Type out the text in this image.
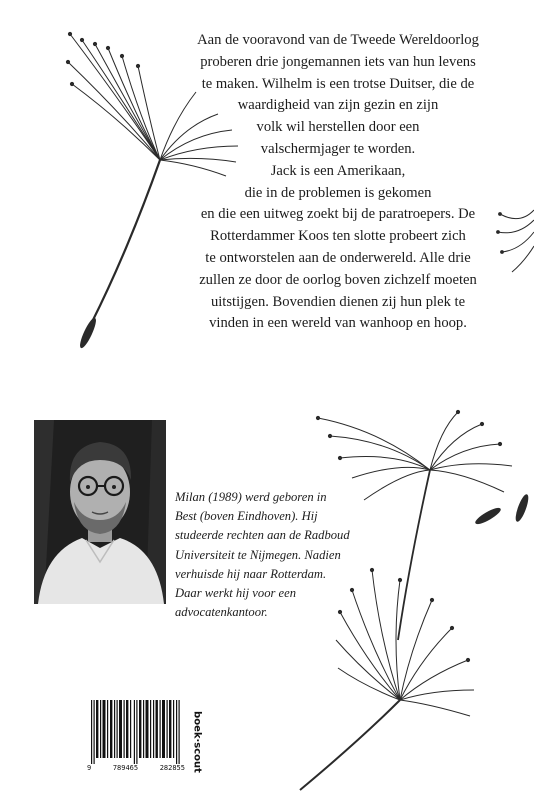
Aan de vooravond van de Tweede Wereldoorlog
proberen drie jongemannen iets van hun levens
te maken. Wilhelm is een trotse Duitser, die de
waardigheid van zijn gezin en zijn
volk wil herstellen door een
valschermjager te worden.
Jack is een Amerikaan,
die in de problemen is gekomen
en die een uitweg zoekt bij de paratroepers. De
Rotterdammer Koos ten slotte probeert zich
te ontworstelen aan de onderwereld. Alle drie
zullen ze door de oorlog boven zichzelf moeten
uitstijgen. Bovendien dienen zij hun plek te
vinden in een wereld van wanhoop en hoop.

Milan (1989) werd geboren in
Best (boven Eindhoven). Hij
studeerde rechten aan de Radboud
Universiteit te Nijmegen. Nadien
verhuisde hij naar Rotterdam.
Daar werkt hij voor een
advocatenkantoor.

9	789465	282855 boek·scout
